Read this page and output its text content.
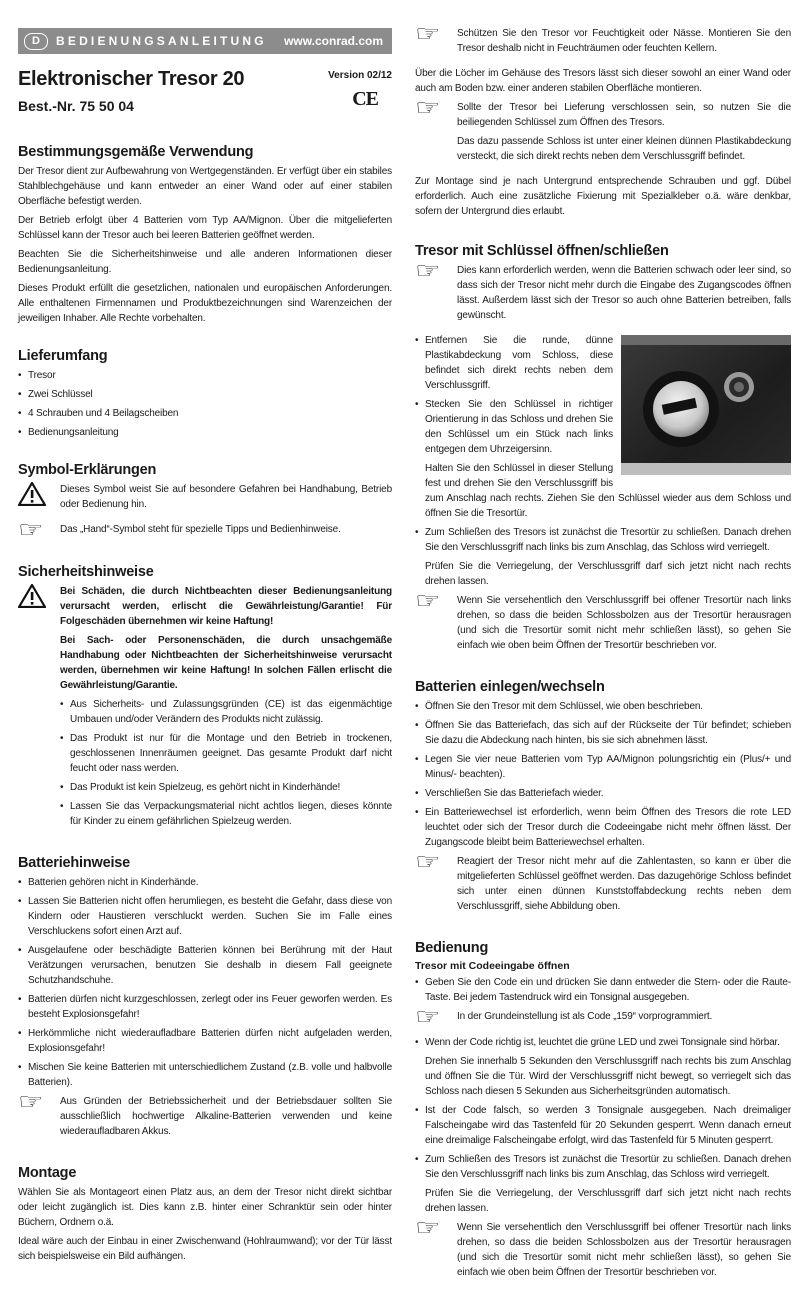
D	BEDIENUNGSANLEITUNG www.conrad.com
Elektronischer Tresor 20
Best.-Nr. 75 50 04
Version 02/12
CE
Bestimmungsgemäße Verwendung

Der Tresor dient zur Aufbewahrung von Wertgegenständen. Er verfügt über ein stabiles Stahlblechgehäuse und kann entweder an einer Wand oder auf einer stabilen Oberfläche befestigt werden.

Der Betrieb erfolgt über 4 Batterien vom Typ AA/Mignon. Über die mitgelieferten Schlüssel kann der Tresor auch bei leeren Batterien geöffnet werden.

Beachten Sie die Sicherheitshinweise und alle anderen Informationen dieser Bedienungsanleitung.

Dieses Produkt erfüllt die gesetzlichen, nationalen und europäischen Anforderungen. Alle enthaltenen Firmennamen und Produktbezeichnungen sind Warenzeichen der jeweiligen Inhaber. Alle Rechte vorbehalten.

Lieferumfang
• Tresor
• Zwei Schlüssel
• 4 Schrauben und 4 Beilagscheiben
• Bedienungsanleitung
Symbol-Erklärungen

Dieses Symbol weist Sie auf besondere Gefahren bei Handhabung, Betrieb oder Bedienung hin.

☞	Das „Hand“-Symbol steht für spezielle Tipps und Bedienhinweise.

Sicherheitshinweise

Bei Schäden, die durch Nichtbeachten dieser Bedienungsanleitung verursacht werden, erlischt die Gewährleistung/Garantie! Für Folgeschäden übernehmen wir keine Haftung!

Bei Sach- oder Personenschäden, die durch unsachgemäße Handhabung oder Nichtbeachten der Sicherheitshinweise verursacht werden, übernehmen wir keine Haftung! In solchen Fällen erlischt die Gewährleistung/Garantie.

• Aus Sicherheits- und Zulassungsgründen (CE) ist das eigenmächtige Umbauen und/oder Verändern des Produkts nicht zulässig.
• Das Produkt ist nur für die Montage und den Betrieb in trockenen, geschlossenen Innenräumen geeignet. Das gesamte Produkt darf nicht feucht oder nass werden.
• Das Produkt ist kein Spielzeug, es gehört nicht in Kinderhände!
• Lassen Sie das Verpackungsmaterial nicht achtlos liegen, dieses könnte für Kinder zu einem gefährlichen Spielzeug werden.
Batteriehinweise
• Batterien gehören nicht in Kinderhände.
• Lassen Sie Batterien nicht offen herumliegen, es besteht die Gefahr, dass diese von Kindern oder Haustieren verschluckt werden. Suchen Sie im Falle eines Verschluckens sofort einen Arzt auf.
• Ausgelaufene oder beschädigte Batterien können bei Berührung mit der Haut Verätzungen verursachen, benutzen Sie deshalb in diesem Fall geeignete Schutzhandschuhe.
• Batterien dürfen nicht kurzgeschlossen, zerlegt oder ins Feuer geworfen werden. Es besteht Explosionsgefahr!
• Herkömmliche nicht wiederaufladbare Batterien dürfen nicht aufgeladen werden, Explosionsgefahr!
• Mischen Sie keine Batterien mit unterschiedlichem Zustand (z.B. volle und halbvolle Batterien).
☞	Aus Gründen der Betriebssicherheit und der Betriebsdauer sollten Sie ausschließlich hochwertige Alkaline-Batterien verwenden und keine wiederaufladbaren Akkus.

Montage

Wählen Sie als Montageort einen Platz aus, an dem der Tresor nicht direkt sichtbar oder leicht zugänglich ist. Dies kann z.B. hinter einer Schranktür sein oder hinter Büchern, Ordnern o.ä.

Ideal wäre auch der Einbau in einer Zwischenwand (Hohlraumwand); vor der Tür lässt sich beispielsweise ein Bild aufhängen.

☞	Schützen Sie den Tresor vor Feuchtigkeit oder Nässe. Montieren Sie den Tresor deshalb nicht in Feuchträumen oder feuchten Kellern.

Über die Löcher im Gehäuse des Tresors lässt sich dieser sowohl an einer Wand oder auch am Boden bzw. einer anderen stabilen Oberfläche montieren.

☞	Sollte der Tresor bei Lieferung verschlossen sein, so nutzen Sie die beiliegenden Schlüssel zum Öffnen des Tresors.

Das dazu passende Schloss ist unter einer kleinen dünnen Plastikabdeckung versteckt, die sich direkt rechts neben dem Verschlussgriff befindet.

Zur Montage sind je nach Untergrund entsprechende Schrauben und ggf. Dübel erforderlich. Auch eine zusätzliche Fixierung mit Spezialkleber o.ä. wäre denkbar, sofern der Untergrund dies erlaubt.

Tresor mit Schlüssel öffnen/schließen
☞	Dies kann erforderlich werden, wenn die Batterien schwach oder leer sind, so dass sich der Tresor nicht mehr durch die Eingabe des Zugangscodes öffnen lässt. Außerdem lässt sich der Tresor so auch ohne Batterien betreiben, falls gewünscht.

• Entfernen Sie die runde, dünne Plastikabdeckung vom Schloss, diese befindet sich direkt rechts neben dem Verschlussgriff.
• Stecken Sie den Schlüssel in richtiger Orientierung in das Schloss und drehen Sie den Schlüssel um ein Stück nach links entgegen dem Uhrzeigersinn.

Halten Sie den Schlüssel in dieser Stellung fest und drehen Sie den Verschlussgriff bis zum Anschlag nach rechts. Ziehen Sie den Schlüssel wieder aus dem Schloss und öffnen Sie die Tresortür.

• Zum Schließen des Tresors ist zunächst die Tresortür zu schließen. Danach drehen Sie den Verschlussgriff nach links bis zum Anschlag, das Schloss wird verriegelt.

Prüfen Sie die Verriegelung, der Verschlussgriff darf sich jetzt nicht nach rechts drehen lassen.

☞	Wenn Sie versehentlich den Verschlussgriff bei offener Tresortür nach links drehen, so dass die beiden Schlossbolzen aus der Tresortür herausragen (und sich die Tresortür somit nicht mehr schließen lässt), so gehen Sie einfach wie oben beim Öffnen der Tresortür beschrieben vor.

Batterien einlegen/wechseln
• Öffnen Sie den Tresor mit dem Schlüssel, wie oben beschrieben.
• Öffnen Sie das Batteriefach, das sich auf der Rückseite der Tür befindet; schieben Sie dazu die Abdeckung nach hinten, bis sie sich abnehmen lässt.
• Legen Sie vier neue Batterien vom Typ AA/Mignon polungsrichtig ein (Plus/+ und Minus/- beachten).
• Verschließen Sie das Batteriefach wieder.
• Ein Batteriewechsel ist erforderlich, wenn beim Öffnen des Tresors die rote LED leuchtet oder sich der Tresor durch die Codeeingabe nicht mehr öffnen lässt. Der Zugangscode bleibt beim Batteriewechsel erhalten.
☞	Reagiert der Tresor nicht mehr auf die Zahlentasten, so kann er über die mitgelieferten Schlüssel geöffnet werden. Das dazugehörige Schloss befindet sich unter einen dünnen Kunststoffabdeckung rechts neben dem Verschlussgriff, siehe Abbildung oben.

Bedienung
Tresor mit Codeeingabe öffnen
• Geben Sie den Code ein und drücken Sie dann entweder die Stern- oder die Raute-Taste. Bei jedem Tastendruck wird ein Tonsignal ausgegeben.
☞	In der Grundeinstellung ist als Code „159“ vorprogrammiert.

• Wenn der Code richtig ist, leuchtet die grüne LED und zwei Tonsignale sind hörbar.

Drehen Sie innerhalb 5 Sekunden den Verschlussgriff nach rechts bis zum Anschlag und öffnen Sie die Tür. Wird der Verschlussgriff nicht bewegt, so verriegelt sich das Schloss nach diesen 5 Sekunden aus Sicherheitsgründen automatisch.

• Ist der Code falsch, so werden 3 Tonsignale ausgegeben. Nach dreimaliger Falscheingabe wird das Tastenfeld für 20 Sekunden gesperrt. Wenn danach erneut eine dreimalige Falscheingabe erfolgt, wird das Tastenfeld für 5 Minuten gesperrt.
• Zum Schließen des Tresors ist zunächst die Tresortür zu schließen. Danach drehen Sie den Verschlussgriff nach links bis zum Anschlag, das Schloss wird verriegelt.

Prüfen Sie die Verriegelung, der Verschlussgriff darf sich jetzt nicht nach rechts drehen lassen.

☞	Wenn Sie versehentlich den Verschlussgriff bei offener Tresortür nach links drehen, so dass die beiden Schlossbolzen aus der Tresortür herausragen (und sich die Tresortür somit nicht mehr schließen lässt), so gehen Sie einfach wie oben beim Öffnen der Tresortür beschrieben vor.
